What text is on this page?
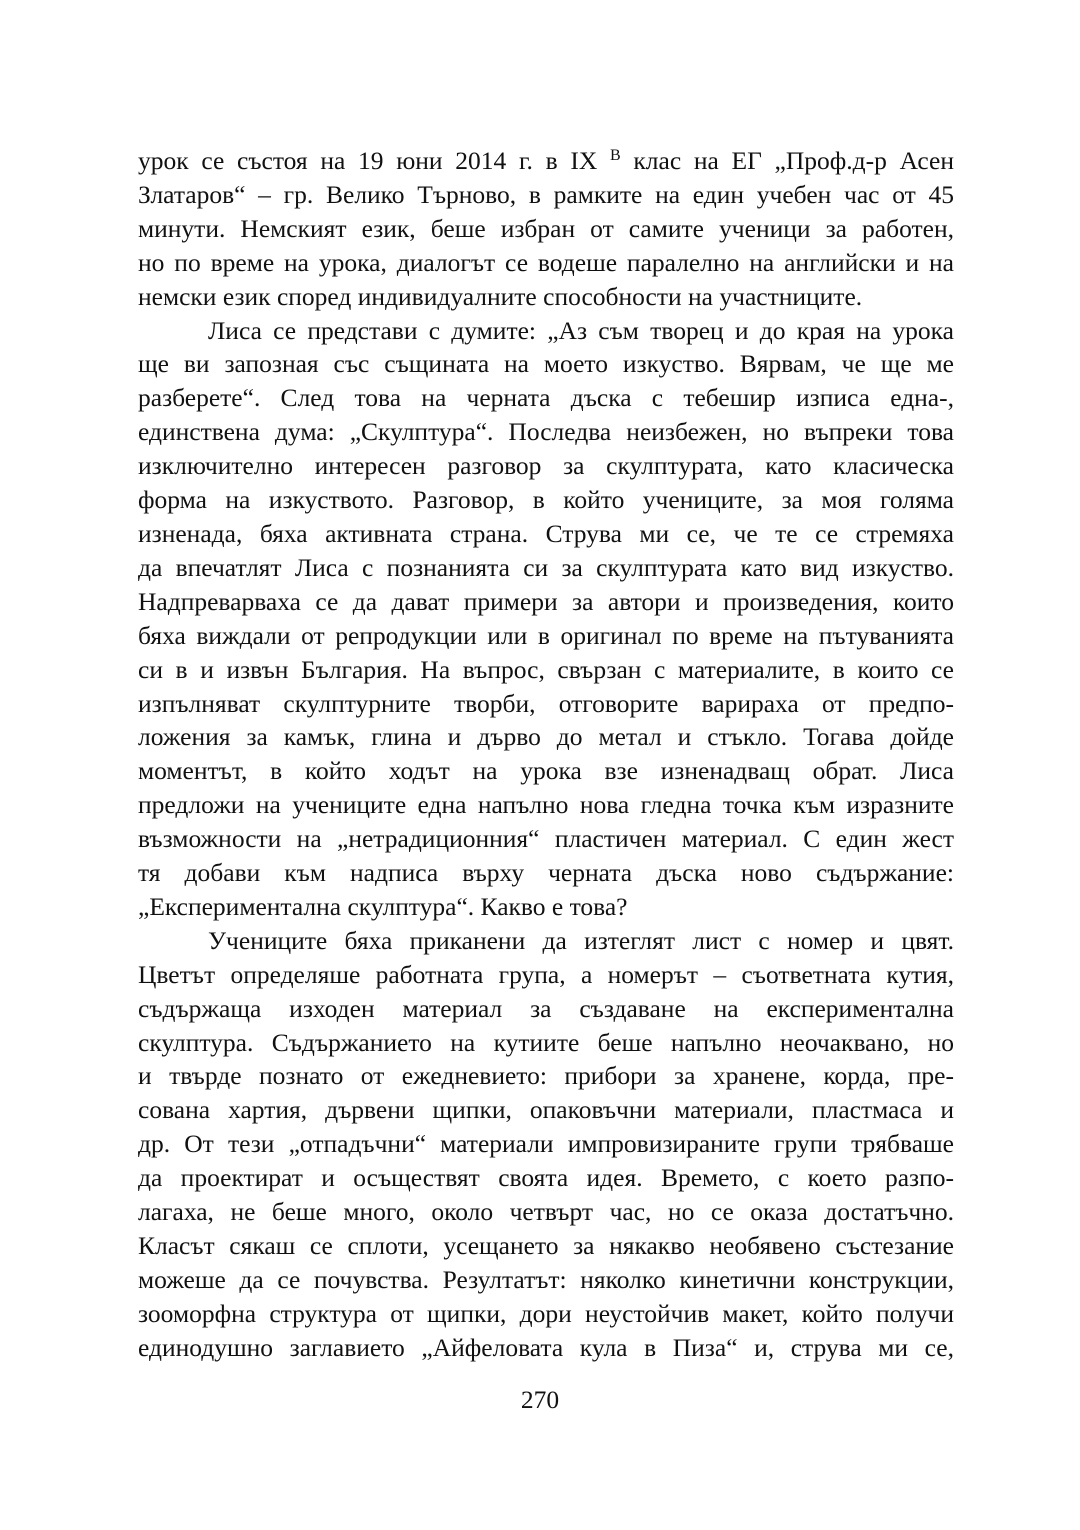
урок се състоя на 19 юни 2014 г. в IX $^В$ клас на ЕГ „Проф.д-р Асен
Златаров“ – гр. Велико Търново, в рамките на един учебен час от 45
минути. Немският език, беше избран от самите ученици за работен,
но по време на урока, диалогът се водеше паралелно на английски и на
немски език според индивидуалните способности на участниците.

Лиса се представи с думите: „Аз съм творец и до края на урока
ще ви запозная със същината на моето изкуство. Вярвам, че ще ме
разберете“. След това на черната дъска с тебешир изписа една-,
единствена дума: „Скулптура“. Последва неизбежен, но въпреки това
изключително интересен разговор за скулптурата, като класическа
форма на изкуството. Разговор, в който учениците, за моя голяма
изненада, бяха активната страна. Струва ми се, че те се стремяха
да впечатлят Лиса с познанията си за скулптурата като вид изкуство.
Надпреварваха се да дават примери за автори и произведения, които
бяха виждали от репродукции или в оригинал по време на пътуванията
си в и извън България. На въпрос, свързан с материалите, в които се
изпълняват скулптурните творби, отговорите варираха от предпо-
ложения за камък, глина и дърво до метал и стъкло. Тогава дойде
моментът, в който ходът на урока взе изненадващ обрат. Лиса
предложи на учениците една напълно нова гледна точка към изразните
възможности на „нетрадиционния“ пластичен материал. С един жест
тя добави към надписа върху черната дъска ново съдържание:
„Експериментална скулптура“. Какво е това?

Учениците бяха приканени да изтеглят лист с номер и цвят.
Цветът определяше работната група, а номерът – съответната кутия,
съдържаща изходен материал за създаване на експериментална
скулптура. Съдържанието на кутиите беше напълно неочаквано, но
и твърде познато от ежедневието: прибори за хранене, корда, пре-
сована хартия, дървени щипки, опаковъчни материали, пластмаса и
др. От тези „отпадъчни“ материали импровизираните групи трябваше
да проектират и осъществят своята идея. Времето, с което разпо-
лагаха, не беше много, около четвърт час, но се оказа достатъчно.
Класът сякаш се сплоти, усещането за някакво необявено състезание
можеше да се почувства. Резултатът: няколко кинетични конструкции,
зооморфна структура от щипки, дори неустойчив макет, който получи
единодушно заглавието „Айфеловата кула в Пиза“ и, струва ми се,

270
